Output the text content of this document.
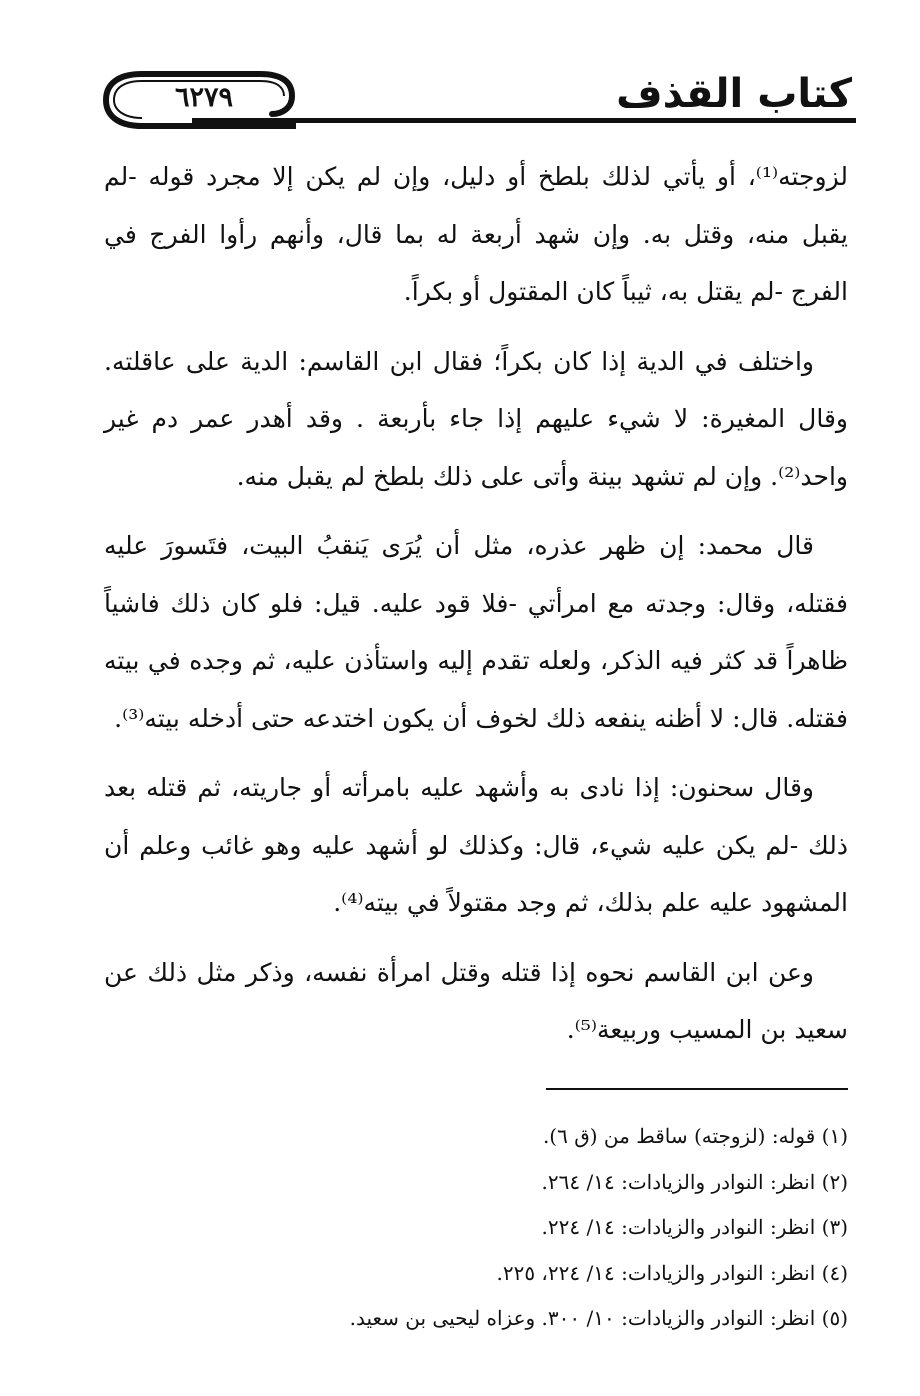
كتاب القذف
٦٢٧٩

لزوجته⁽¹⁾، أو يأتي لذلك بلطخ أو دليل، وإن لم يكن إلا مجرد قوله -لم يقبل منه، وقتل به. وإن شهد أربعة له بما قال، وأنهم رأوا الفرج في الفرج -لم يقتل به، ثيباً كان المقتول أو بكراً.

واختلف في الدية إذا كان بكراً؛ فقال ابن القاسم: الدية على عاقلته. وقال المغيرة: لا شيء عليهم إذا جاء بأربعة . وقد أهدر عمر دم غير واحد⁽²⁾. وإن لم تشهد بينة وأتى على ذلك بلطخ لم يقبل منه.

قال محمد: إن ظهر عذره، مثل أن يُرَى يَنقبُ البيت، فتَسورَ عليه فقتله، وقال: وجدته مع امرأتي -فلا قود عليه. قيل: فلو كان ذلك فاشياً ظاهراً قد كثر فيه الذكر، ولعله تقدم إليه واستأذن عليه، ثم وجده في بيته فقتله. قال: لا أظنه ينفعه ذلك لخوف أن يكون اختدعه حتى أدخله بيته⁽³⁾.

وقال سحنون: إذا نادى به وأشهد عليه بامرأته أو جاريته، ثم قتله بعد ذلك -لم يكن عليه شيء، قال: وكذلك لو أشهد عليه وهو غائب وعلم أن المشهود عليه علم بذلك، ثم وجد مقتولاً في بيته⁽⁴⁾.

وعن ابن القاسم نحوه إذا قتله وقتل امرأة نفسه، وذكر مثل ذلك عن سعيد بن المسيب وربيعة⁽⁵⁾.

(١) قوله: (لزوجته) ساقط من (ق ٦).
(٢) انظر: النوادر والزيادات: ١٤/ ٢٦٤.
(٣) انظر: النوادر والزيادات: ١٤/ ٢٢٤.
(٤) انظر: النوادر والزيادات: ١٤/ ٢٢٤، ٢٢٥.
(٥) انظر: النوادر والزيادات: ١٠/ ٣٠٠. وعزاه ليحيى بن سعيد.
